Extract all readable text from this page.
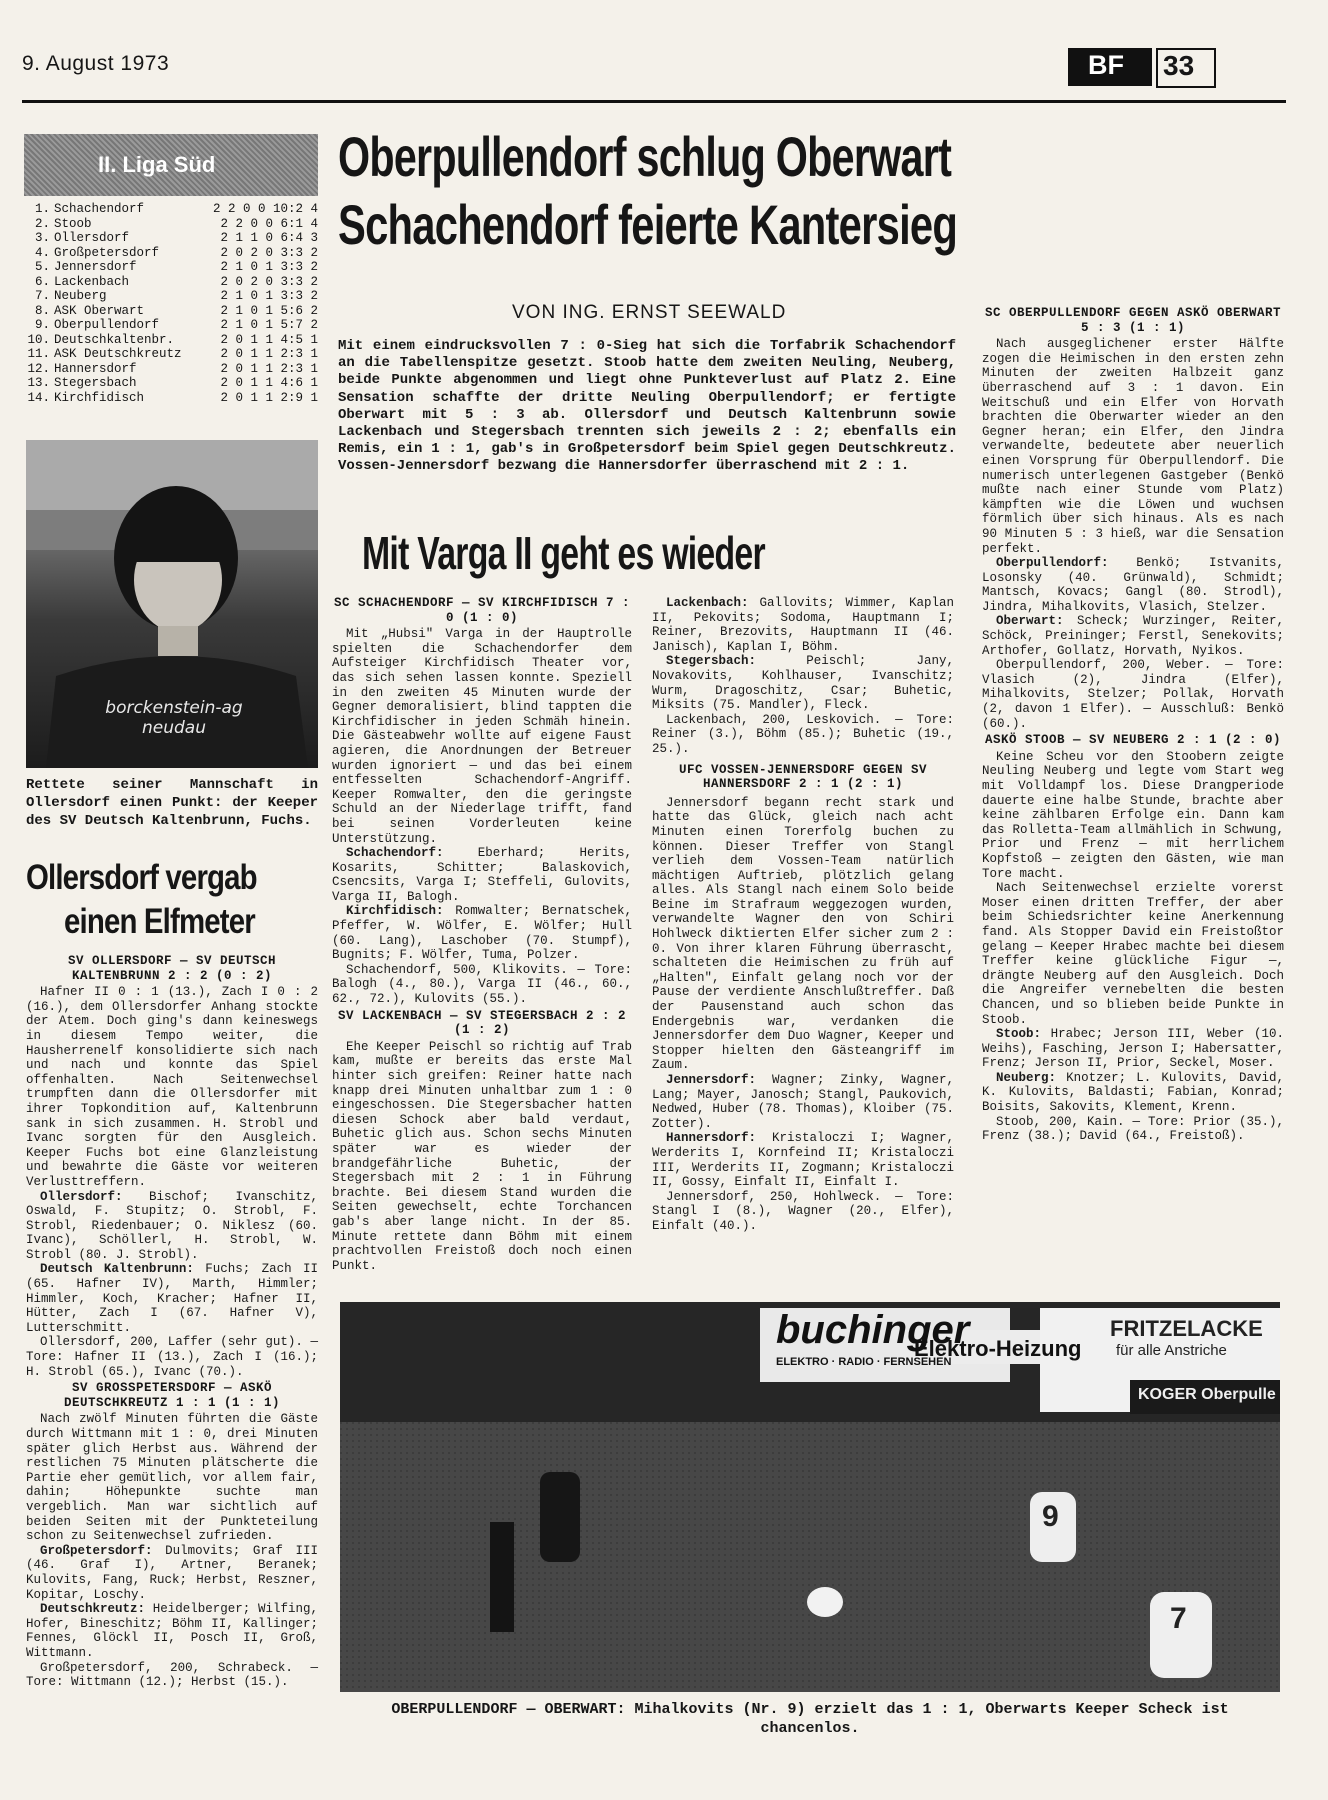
9. August 1973	BF 33
II. Liga Süd
1.	Schachendorf	2 2 0 0 10:2 4
2.	Stoob	2 2 0 0 6:1 4
3.	Ollersdorf	2 1 1 0 6:4 3
4.	Großpetersdorf	2 0 2 0 3:3 2
5.	Jennersdorf	2 1 0 1 3:3 2
6.	Lackenbach	2 0 2 0 3:3 2
7.	Neuberg	2 1 0 1 3:3 2
8.	ASK Oberwart	2 1 0 1 5:6 2
9.	Oberpullendorf	2 1 0 1 5:7 2
10.	Deutschkaltenbr.	2 0 1 1 4:5 1
11.	ASK Deutschkreutz	2 0 1 1 2:3 1
12.	Hannersdorf	2 0 1 1 2:3 1
13.	Stegersbach	2 0 1 1 4:6 1
14.	Kirchfidisch	2 0 1 1 2:9 1
borckenstein-ag neudau
Rettete seiner Mannschaft in Ollersdorf einen Punkt: der Keeper des SV Deutsch Kaltenbrunn, Fuchs.
Ollersdorf vergab
einen Elfmeter
SV OLLERSDORF — SV DEUTSCH KALTENBRUNN 2 : 2 (0 : 2)

Hafner II 0 : 1 (13.), Zach I 0 : 2 (16.), dem Ollersdorfer Anhang stockte der Atem. Doch ging's dann keineswegs in diesem Tempo weiter, die Hausherrenelf konsolidierte sich nach und nach und konnte das Spiel offenhalten. Nach Seitenwechsel trumpften dann die Ollersdorfer mit ihrer Topkondition auf, Kaltenbrunn sank in sich zusammen. H. Strobl und Ivanc sorgten für den Ausgleich. Keeper Fuchs bot eine Glanzleistung und bewahrte die Gäste vor weiteren Verlusttreffern.

Ollersdorf: Bischof; Ivanschitz, Oswald, F. Stupitz; O. Strobl, F. Strobl, Riedenbauer; O. Niklesz (60. Ivanc), Schöllerl, H. Strobl, W. Strobl (80. J. Strobl).

Deutsch Kaltenbrunn: Fuchs; Zach II (65. Hafner IV), Marth, Himmler; Himmler, Koch, Kracher; Hafner II, Hütter, Zach I (67. Hafner V), Lutterschmitt.

Ollersdorf, 200, Laffer (sehr gut). — Tore: Hafner II (13.), Zach I (16.); H. Strobl (65.), Ivanc (70.).

SV GROSSPETERSDORF — ASKÖ DEUTSCHKREUTZ 1 : 1 (1 : 1)

Nach zwölf Minuten führten die Gäste durch Wittmann mit 1 : 0, drei Minuten später glich Herbst aus. Während der restlichen 75 Minuten plätscherte die Partie eher gemütlich, vor allem fair, dahin; Höhepunkte suchte man vergeblich. Man war sichtlich auf beiden Seiten mit der Punkteteilung schon zu Seitenwechsel zufrieden.

Großpetersdorf: Dulmovits; Graf III (46. Graf I), Artner, Beranek; Kulovits, Fang, Ruck; Herbst, Reszner, Kopitar, Loschy.

Deutschkreutz: Heidelberger; Wilfing, Hofer, Bineschitz; Böhm II, Kallinger; Fennes, Glöckl II, Posch II, Groß, Wittmann.

Großpetersdorf, 200, Schrabeck. — Tore: Wittmann (12.); Herbst (15.).

Oberpullendorf schlug Oberwart
Schachendorf feierte Kantersieg
VON ING. ERNST SEEWALD
Mit einem eindrucksvollen 7 : 0-Sieg hat sich die Torfabrik Schachendorf an die Tabellenspitze gesetzt. Stoob hatte dem zweiten Neuling, Neuberg, beide Punkte abgenommen und liegt ohne Punkteverlust auf Platz 2. Eine Sensation schaffte der dritte Neuling Oberpullendorf; er fertigte Oberwart mit 5 : 3 ab. Ollersdorf und Deutsch Kaltenbrunn sowie Lackenbach und Stegersbach trennten sich jeweils 2 : 2; ebenfalls ein Remis, ein 1 : 1, gab's in Großpetersdorf beim Spiel gegen Deutschkreutz. Vossen-Jennersdorf bezwang die Hannersdorfer überraschend mit 2 : 1.
Mit Varga II geht es wieder
SC SCHACHENDORF — SV KIRCHFIDISCH 7 : 0 (1 : 0)

Mit „Hubsi" Varga in der Hauptrolle spielten die Schachendorfer dem Aufsteiger Kirchfidisch Theater vor, das sich sehen lassen konnte. Speziell in den zweiten 45 Minuten wurde der Gegner demoralisiert, blind tappten die Kirchfidischer in jeden Schmäh hinein. Die Gästeabwehr wollte auf eigene Faust agieren, die Anordnungen der Betreuer wurden ignoriert — und das bei einem entfesselten Schachendorf-Angriff. Keeper Romwalter, den die geringste Schuld an der Niederlage trifft, fand bei seinen Vorderleuten keine Unterstützung.

Schachendorf: Eberhard; Herits, Kosarits, Schitter; Balaskovich, Csencsits, Varga I; Steffeli, Gulovits, Varga II, Balogh.

Kirchfidisch: Romwalter; Bernatschek, Pfeffer, W. Wölfer, E. Wölfer; Hull (60. Lang), Laschober (70. Stumpf), Bugnits; F. Wölfer, Tuma, Polzer.

Schachendorf, 500, Klikovits. — Tore: Balogh (4., 80.), Varga II (46., 60., 62., 72.), Kulovits (55.).

SV LACKENBACH — SV STEGERSBACH 2 : 2 (1 : 2)

Ehe Keeper Peischl so richtig auf Trab kam, mußte er bereits das erste Mal hinter sich greifen: Reiner hatte nach knapp drei Minuten unhaltbar zum 1 : 0 eingeschossen. Die Stegersbacher hatten diesen Schock aber bald verdaut, Buhetic glich aus. Schon sechs Minuten später war es wieder der brandgefährliche Buhetic, der Stegersbach mit 2 : 1 in Führung brachte. Bei diesem Stand wurden die Seiten gewechselt, echte Torchancen gab's aber lange nicht. In der 85. Minute rettete dann Böhm mit einem prachtvollen Freistoß doch noch einen Punkt.

Lackenbach: Gallovits; Wimmer, Kaplan II, Pekovits; Sodoma, Hauptmann I; Reiner, Brezovits, Hauptmann II (46. Janisch), Kaplan I, Böhm.

Stegersbach: Peischl; Jany, Novakovits, Kohlhauser, Ivanschitz; Wurm, Dragoschitz, Csar; Buhetic, Miksits (75. Mandler), Fleck.

Lackenbach, 200, Leskovich. — Tore: Reiner (3.), Böhm (85.); Buhetic (19., 25.).

UFC VOSSEN-JENNERSDORF GEGEN SV HANNERSDORF 2 : 1 (2 : 1)

Jennersdorf begann recht stark und hatte das Glück, gleich nach acht Minuten einen Torerfolg buchen zu können. Dieser Treffer von Stangl verlieh dem Vossen-Team natürlich mächtigen Auftrieb, plötzlich gelang alles. Als Stangl nach einem Solo beide Beine im Strafraum weggezogen wurden, verwandelte Wagner den von Schiri Hohlweck diktierten Elfer sicher zum 2 : 0. Von ihrer klaren Führung überrascht, schalteten die Heimischen zu früh auf „Halten", Einfalt gelang noch vor der Pause der verdiente Anschlußtreffer. Daß der Pausenstand auch schon das Endergebnis war, verdanken die Jennersdorfer dem Duo Wagner, Keeper und Stopper hielten den Gästeangriff im Zaum.

Jennersdorf: Wagner; Zinky, Wagner, Lang; Mayer, Janosch; Stangl, Paukovich, Nedwed, Huber (78. Thomas), Kloiber (75. Zotter).

Hannersdorf: Kristaloczi I; Wagner, Werderits I, Kornfeind II; Kristaloczi III, Werderits II, Zogmann; Kristaloczi II, Gossy, Einfalt II, Einfalt I.

Jennersdorf, 250, Hohlweck. — Tore: Stangl I (8.), Wagner (20., Elfer), Einfalt (40.).

SC OBERPULLENDORF GEGEN ASKÖ OBERWART 5 : 3 (1 : 1)

Nach ausgeglichener erster Hälfte zogen die Heimischen in den ersten zehn Minuten der zweiten Halbzeit ganz überraschend auf 3 : 1 davon. Ein Weitschuß und ein Elfer von Horvath brachten die Oberwarter wieder an den Gegner heran; ein Elfer, den Jindra verwandelte, bedeutete aber neuerlich einen Vorsprung für Oberpullendorf. Die numerisch unterlegenen Gastgeber (Benkö mußte nach einer Stunde vom Platz) kämpften wie die Löwen und wuchsen förmlich über sich hinaus. Als es nach 90 Minuten 5 : 3 hieß, war die Sensation perfekt.

Oberpullendorf: Benkö; Istvanits, Losonsky (40. Grünwald), Schmidt; Mantsch, Kovacs; Gangl (80. Strodl), Jindra, Mihalkovits, Vlasich, Stelzer.

Oberwart: Scheck; Wurzinger, Reiter, Schöck, Preininger; Ferstl, Senekovits; Arthofer, Gollatz, Horvath, Nyikos.

Oberpullendorf, 200, Weber. — Tore: Vlasich (2), Jindra (Elfer), Mihalkovits, Stelzer; Pollak, Horvath (2, davon 1 Elfer). — Ausschluß: Benkö (60.).

ASKÖ STOOB — SV NEUBERG 2 : 1 (2 : 0)

Keine Scheu vor den Stoobern zeigte Neuling Neuberg und legte vom Start weg mit Volldampf los. Diese Drangperiode dauerte eine halbe Stunde, brachte aber keine zählbaren Erfolge ein. Dann kam das Rolletta-Team allmählich in Schwung, Prior und Frenz — mit herrlichem Kopfstoß — zeigten den Gästen, wie man Tore macht.

Nach Seitenwechsel erzielte vorerst Moser einen dritten Treffer, der aber beim Schiedsrichter keine Anerkennung fand. Als Stopper David ein Freistoßtor gelang — Keeper Hrabec machte bei diesem Treffer keine glückliche Figur —, drängte Neuberg auf den Ausgleich. Doch die Angreifer vernebelten die besten Chancen, und so blieben beide Punkte in Stoob.

Stoob: Hrabec; Jerson III, Weber (10. Weihs), Fasching, Jerson I; Habersatter, Frenz; Jerson II, Prior, Seckel, Moser.

Neuberg: Knotzer; L. Kulovits, David, K. Kulovits, Baldasti; Fabian, Konrad; Boisits, Sakovits, Klement, Krenn.

Stoob, 200, Kain. — Tore: Prior (35.), Frenz (38.); David (64., Freistoß).

buchinger
ELEKTRO · RADIO · FERNSEHEN
Elektro-Heizung
FRITZELACKE
für alle Anstriche
KOGER Oberpulle
9
7
OBERPULLENDORF — OBERWART: Mihalkovits (Nr. 9) erzielt das 1 : 1, Oberwarts Keeper Scheck ist chancenlos.
